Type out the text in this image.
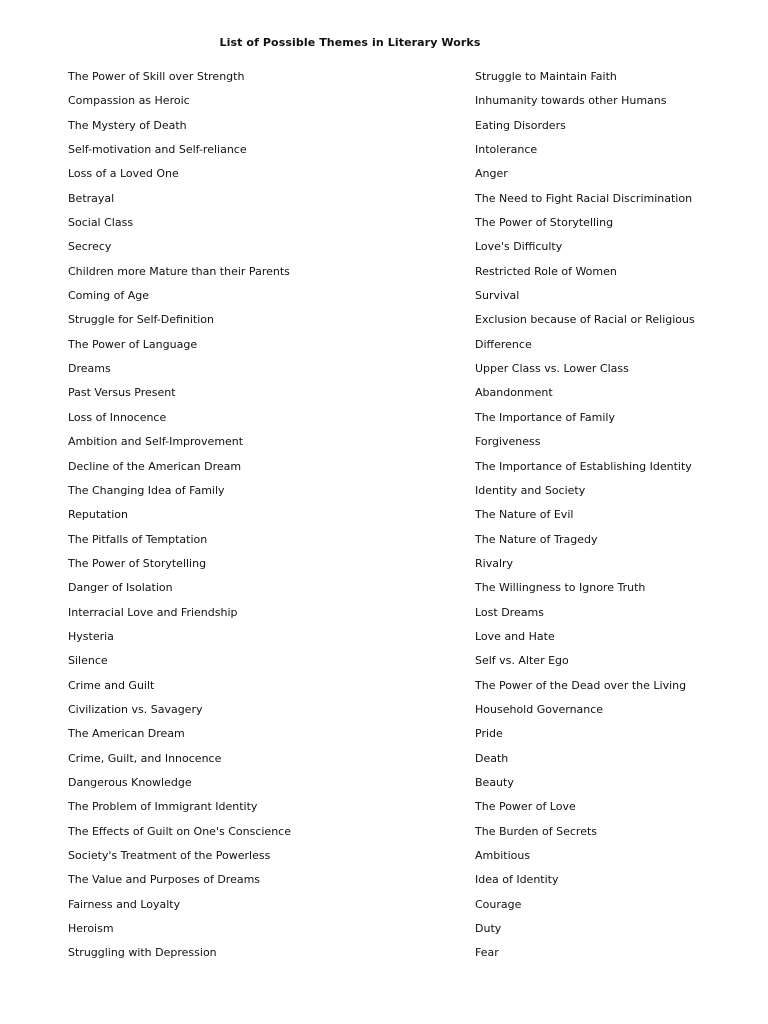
List of Possible Themes in Literary Works
The Power of Skill over Strength
Compassion as Heroic
The Mystery of Death
Self-motivation and Self-reliance
Loss of a Loved One
Betrayal
Social Class
Secrecy
Children more Mature than their Parents
Coming of Age
Struggle for Self-Definition
The Power of Language
Dreams
Past Versus Present
Loss of Innocence
Ambition and Self-Improvement
Decline of the American Dream
The Changing Idea of Family
Reputation
The Pitfalls of Temptation
The Power of Storytelling
Danger of Isolation
Interracial Love and Friendship
Hysteria
Silence
Crime and Guilt
Civilization vs. Savagery
The American Dream
Crime, Guilt, and Innocence
Dangerous Knowledge
The Problem of Immigrant Identity
The Effects of Guilt on One's Conscience
Society's Treatment of the Powerless
The Value and Purposes of Dreams
Fairness and Loyalty
Heroism
Struggling with Depression
Struggle to Maintain Faith
Inhumanity towards other Humans
Eating Disorders
Intolerance
Anger
The Need to Fight Racial Discrimination
The Power of Storytelling
Love's Difficulty
Restricted Role of Women
Survival
Exclusion because of Racial or Religious
Difference
Upper Class vs. Lower Class
Abandonment
The Importance of Family
Forgiveness
The Importance of Establishing Identity
Identity and Society
The Nature of Evil
The Nature of Tragedy
Rivalry
The Willingness to Ignore Truth
Lost Dreams
Love and Hate
Self vs. Alter Ego
The Power of the Dead over the Living
Household Governance
Pride
Death
Beauty
The Power of Love
The Burden of Secrets
Ambitious
Idea of Identity
Courage
Duty
Fear
